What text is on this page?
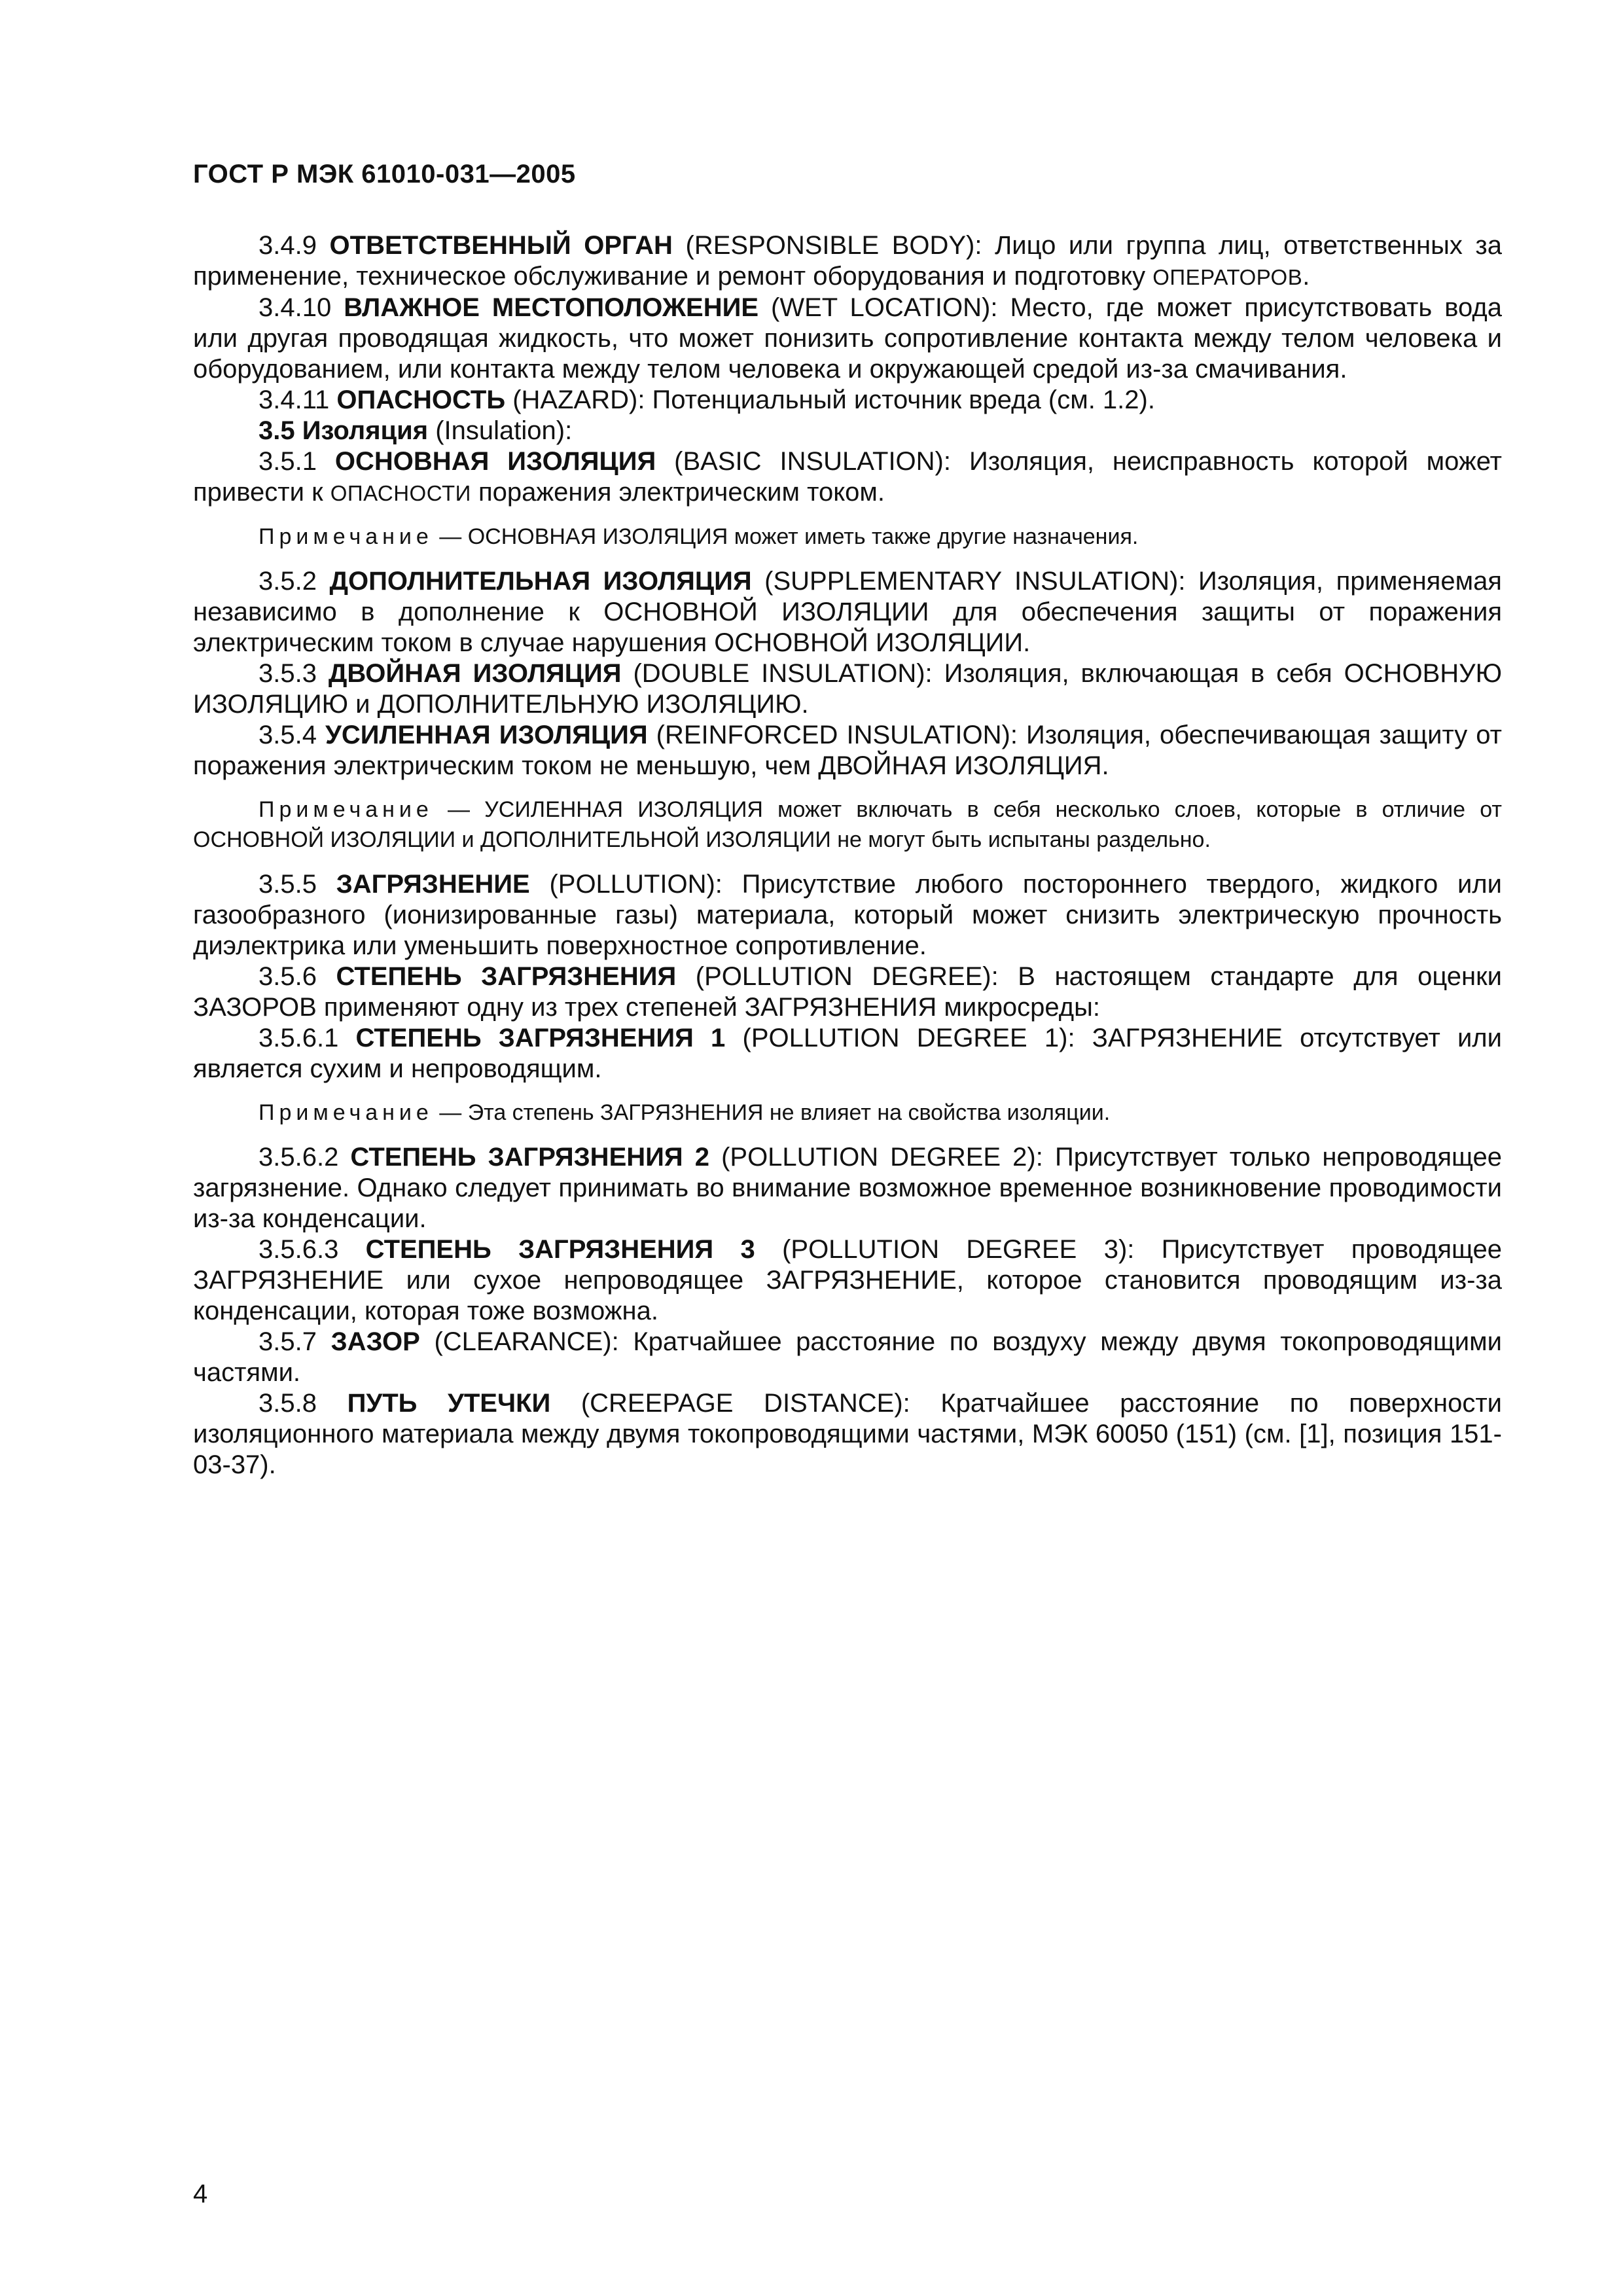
ГОСТ Р МЭК 61010-031—2005

3.4.9 ОТВЕТСТВЕННЫЙ ОРГАН (RESPONSIBLE BODY): Лицо или группа лиц, ответственных за применение, техническое обслуживание и ремонт оборудования и подготовку ОПЕРАТОРОВ.

3.4.10 ВЛАЖНОЕ МЕСТОПОЛОЖЕНИЕ (WET LOCATION): Место, где может присутствовать вода или другая проводящая жидкость, что может понизить сопротивление контакта между телом человека и оборудованием, или контакта между телом человека и окружающей средой из-за смачивания.

3.4.11 ОПАСНОСТЬ (HAZARD): Потенциальный источник вреда (см. 1.2).

3.5 Изоляция (Insulation):

3.5.1 ОСНОВНАЯ ИЗОЛЯЦИЯ (BASIC INSULATION): Изоляция, неисправность которой может привести к ОПАСНОСТИ поражения электрическим током.

Примечание — ОСНОВНАЯ ИЗОЛЯЦИЯ может иметь также другие назначения.

3.5.2 ДОПОЛНИТЕЛЬНАЯ ИЗОЛЯЦИЯ (SUPPLEMENTARY INSULATION): Изоляция, применяемая независимо в дополнение к ОСНОВНОЙ ИЗОЛЯЦИИ для обеспечения защиты от поражения электрическим током в случае нарушения ОСНОВНОЙ ИЗОЛЯЦИИ.

3.5.3 ДВОЙНАЯ ИЗОЛЯЦИЯ (DOUBLE INSULATION): Изоляция, включающая в себя ОСНОВНУЮ ИЗОЛЯЦИЮ и ДОПОЛНИТЕЛЬНУЮ ИЗОЛЯЦИЮ.

3.5.4 УСИЛЕННАЯ ИЗОЛЯЦИЯ (REINFORCED INSULATION): Изоляция, обеспечивающая защиту от поражения электрическим током не меньшую, чем ДВОЙНАЯ ИЗОЛЯЦИЯ.

Примечание — УСИЛЕННАЯ ИЗОЛЯЦИЯ может включать в себя несколько слоев, которые в отличие от ОСНОВНОЙ ИЗОЛЯЦИИ и ДОПОЛНИТЕЛЬНОЙ ИЗОЛЯЦИИ не могут быть испытаны раздельно.

3.5.5 ЗАГРЯЗНЕНИЕ (POLLUTION): Присутствие любого постороннего твердого, жидкого или газообразного (ионизированные газы) материала, который может снизить электрическую прочность диэлектрика или уменьшить поверхностное сопротивление.

3.5.6 СТЕПЕНЬ ЗАГРЯЗНЕНИЯ (POLLUTION DEGREE): В настоящем стандарте для оценки ЗАЗОРОВ применяют одну из трех степеней ЗАГРЯЗНЕНИЯ микросреды:

3.5.6.1 СТЕПЕНЬ ЗАГРЯЗНЕНИЯ 1 (POLLUTION DEGREE 1): ЗАГРЯЗНЕНИЕ отсутствует или является сухим и непроводящим.

Примечание — Эта степень ЗАГРЯЗНЕНИЯ не влияет на свойства изоляции.

3.5.6.2 СТЕПЕНЬ ЗАГРЯЗНЕНИЯ 2 (POLLUTION DEGREE 2): Присутствует только непроводящее загрязнение. Однако следует принимать во внимание возможное временное возникновение проводимости из-за конденсации.

3.5.6.3 СТЕПЕНЬ ЗАГРЯЗНЕНИЯ 3 (POLLUTION DEGREE 3): Присутствует проводящее ЗАГРЯЗНЕНИЕ или сухое непроводящее ЗАГРЯЗНЕНИЕ, которое становится проводящим из-за конденсации, которая тоже возможна.

3.5.7 ЗАЗОР (CLEARANCE): Кратчайшее расстояние по воздуху между двумя токопроводящими частями.

3.5.8 ПУТЬ УТЕЧКИ (CREEPAGE DISTANCE): Кратчайшее расстояние по поверхности изоляционного материала между двумя токопроводящими частями, МЭК 60050 (151) (см. [1], позиция 151-03-37).

4
